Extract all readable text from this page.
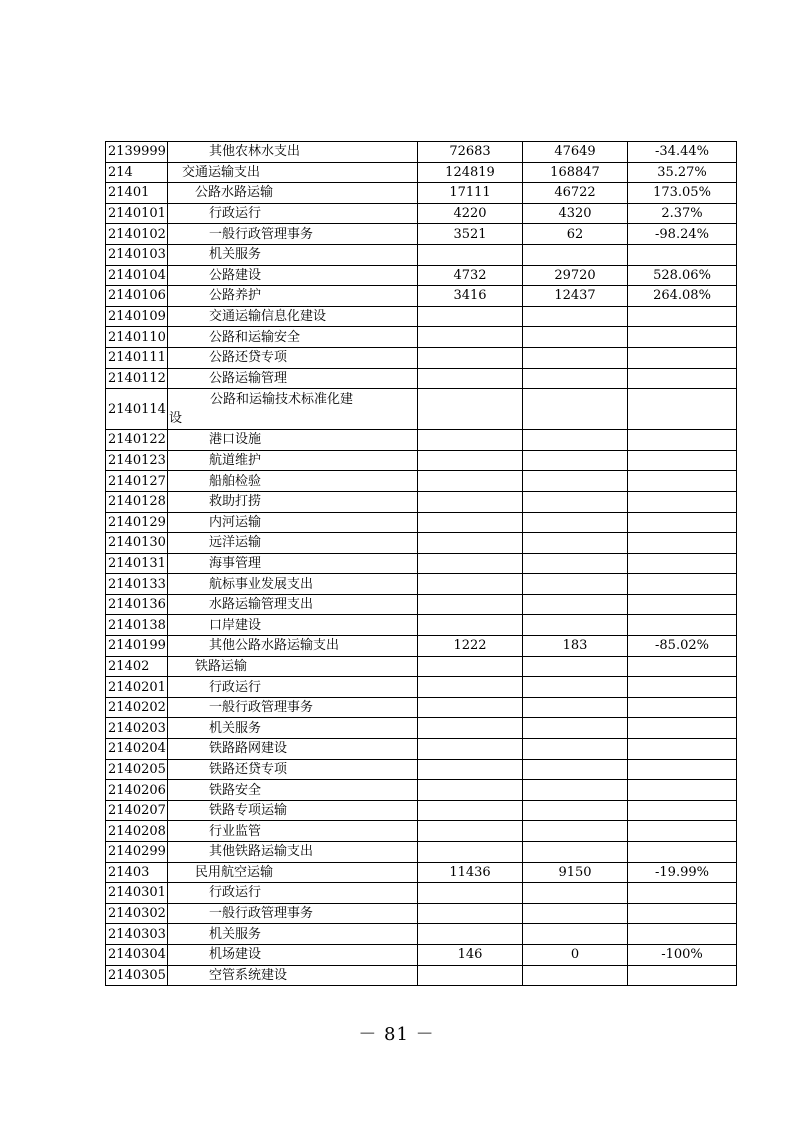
2139999	其他农林水支出	72683	47649	-34.44%
214	交通运输支出	124819	168847	35.27%
21401	公路水路运输	17111	46722	173.05%
2140101	行政运行	4220	4320	2.37%
2140102	一般行政管理事务	3521	62	-98.24%
2140103	机关服务			
2140104	公路建设	4732	29720	528.06%
2140106	公路养护	3416	12437	264.08%
2140109	交通运输信息化建设			
2140110	公路和运输安全			
2140111	公路还贷专项			
2140112	公路运输管理			
2140114	公路和运输技术标准化建
设			

2140122	港口设施			
2140123	航道维护			
2140127	船舶检验			
2140128	救助打捞			
2140129	内河运输			
2140130	远洋运输			
2140131	海事管理			
2140133	航标事业发展支出			
2140136	水路运输管理支出			
2140138	口岸建设			
2140199	其他公路水路运输支出	1222	183	-85.02%
21402	铁路运输			
2140201	行政运行			
2140202	一般行政管理事务			
2140203	机关服务			
2140204	铁路路网建设			
2140205	铁路还贷专项			
2140206	铁路安全			
2140207	铁路专项运输			
2140208	行业监管			
2140299	其他铁路运输支出			
21403	民用航空运输	11436	9150	-19.99%
2140301	行政运行			
2140302	一般行政管理事务			
2140303	机关服务			
2140304	机场建设	146	0	-100%
2140305	空管系统建设			
－ 81 －
